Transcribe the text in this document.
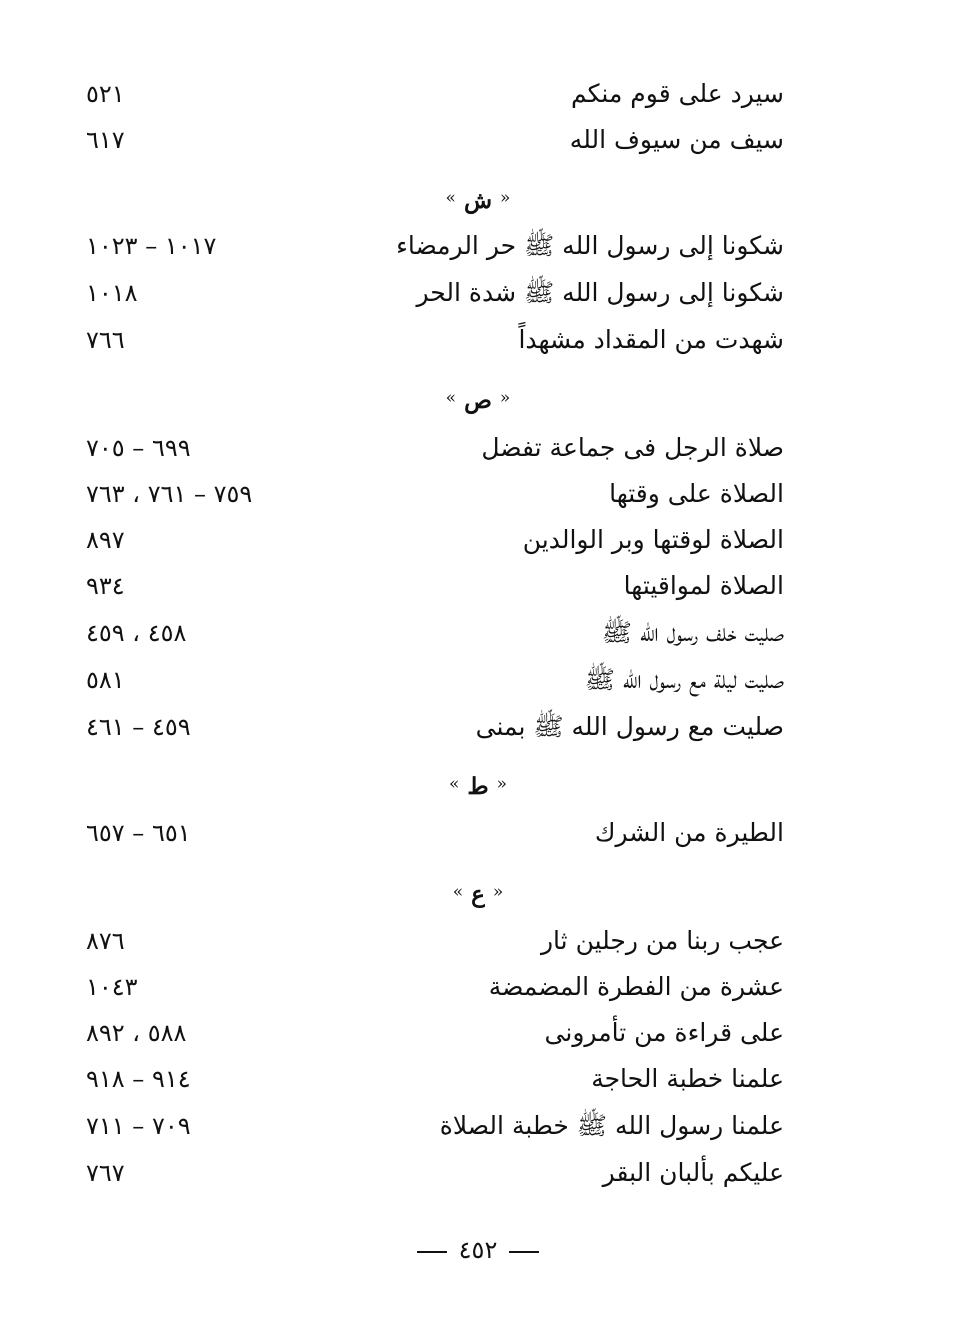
سيرد على قوم منكم
٥٢١
سيف من سيوف الله
٦١٧
« ش »
شكونا إلى رسول الله ﷺ حر الرمضاء
١٠١٧ – ١٠٢٣
شكونا إلى رسول الله ﷺ شدة الحر
١٠١٨
شهدت من المقداد مشهداً
٧٦٦
« ص »
صلاة الرجل فى جماعة تفضل
٦٩٩ – ٧٠٥
الصلاة على وقتها
٧٥٩ – ٧٦١ ، ٧٦٣
الصلاة لوقتها وبر الوالدين
٨٩٧
الصلاة لمواقيتها
٩٣٤
صليت خلف رسول الله ﷺ
٤٥٨ ، ٤٥٩
صليت ليلة مع رسول الله ﷺ
٥٨١
صليت مع رسول الله ﷺ بمنى
٤٥٩ – ٤٦١
« ط »
الطيرة من الشرك
٦٥١ – ٦٥٧
« ع »
عجب ربنا من رجلين ثار
٨٧٦
عشرة من الفطرة المضمضة
١٠٤٣
على قراءة من تأمرونى
٥٨٨ ، ٨٩٢
علمنا خطبة الحاجة
٩١٤ – ٩١٨
علمنا رسول الله ﷺ خطبة الصلاة
٧٠٩ – ٧١١
عليكم بألبان البقر
٧٦٧
٤٥٢
